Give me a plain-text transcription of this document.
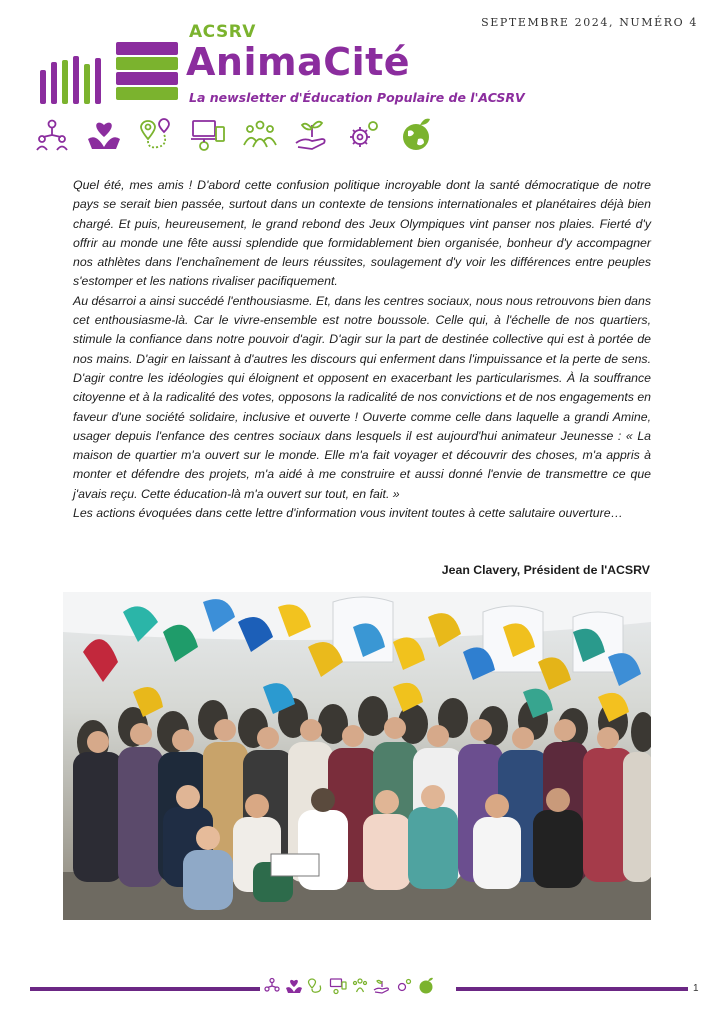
SEPTEMBRE 2024, NUMÉRO 4
ACSRV
AnimaCité
La newsletter d'Éducation Populaire de l'ACSRV

Quel été, mes amis ! D'abord cette confusion politique incroyable dont la santé démocratique de notre pays se serait bien passée, surtout dans un contexte de tensions internationales et planétaires déjà bien chargé. Et puis, heureusement, le grand rebond des Jeux Olympiques vint panser nos plaies. Fierté d'y offrir au monde une fête aussi splendide que formidablement bien organisée, bonheur d'y accompagner nos athlètes dans l'enchaînement de leurs réussites, soulagement d'y voir les différences entre peuples s'estomper et les nations rivaliser pacifiquement.

Au désarroi a ainsi succédé l'enthousiasme. Et, dans les centres sociaux, nous nous retrouvons bien dans cet enthousiasme-là. Car le vivre-ensemble est notre boussole. Celle qui, à l'échelle de nos quartiers, stimule la confiance dans notre pouvoir d'agir. D'agir sur la part de destinée collective qui est à portée de nos mains. D'agir en laissant à d'autres les discours qui enferment dans l'impuissance et la perte de sens. D'agir contre les idéologies qui éloignent et opposent en exacerbant les particularismes. À la souffrance citoyenne et à la radicalité des votes, opposons la radicalité de nos convictions et de nos engagements en faveur d'une société solidaire, inclusive et ouverte ! Ouverte comme celle dans laquelle a grandi Amine, usager depuis l'enfance des centres sociaux dans lesquels il est aujourd'hui animateur Jeunesse : « La maison de quartier m'a ouvert sur le monde. Elle m'a fait voyager et découvrir des choses, m'a appris à monter et défendre des projets, m'a aidé à me construire et aussi donné l'envie de transmettre ce que j'avais reçu. Cette éducation-là m'a ouvert sur tout, en fait. »

Les actions évoquées dans cette lettre d'information vous invitent toutes à cette salutaire ouverture…

Jean Clavery, Président de l'ACSRV
1
